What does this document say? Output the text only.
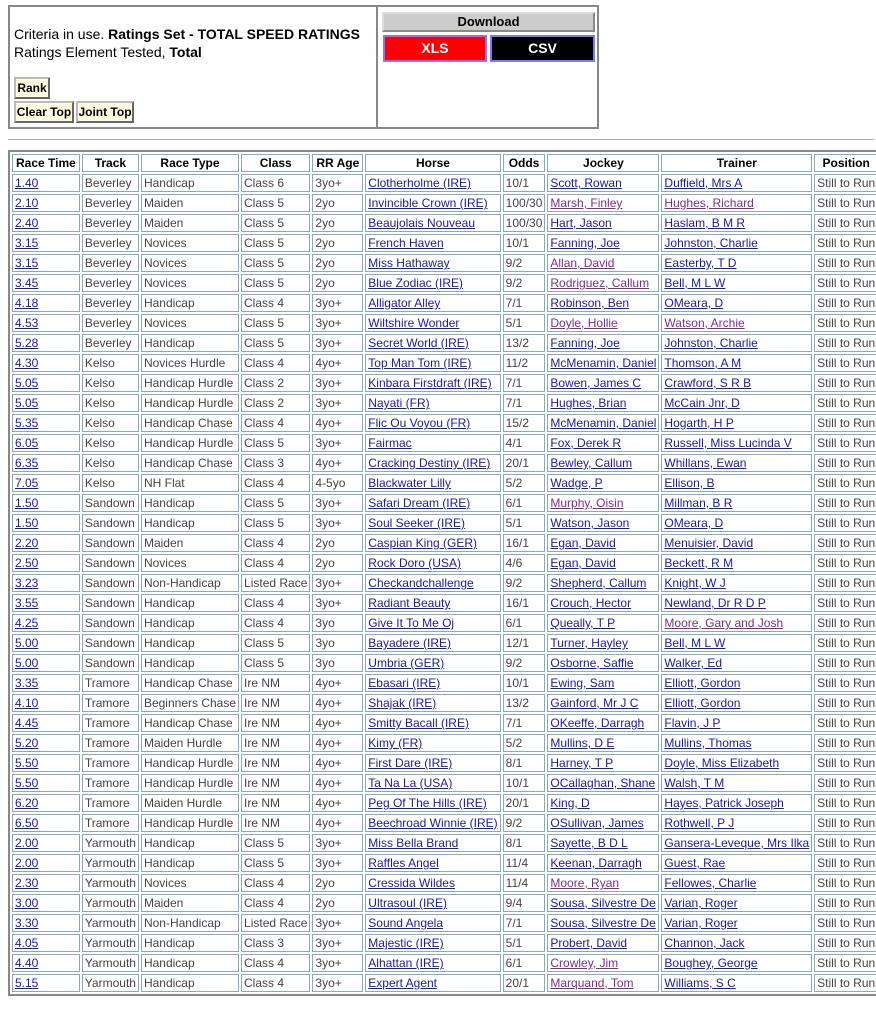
Criteria in use. Ratings Set - TOTAL SPEED RATINGS
Ratings Element Tested, Total
Rank
Clear Top Joint Top
Download
XLS	CSV
Race Time	Track	Race Type	Class	RR Age	Horse	Odds	Jockey	Trainer	Position
1.40	Beverley	Handicap	Class 6	3yo+	Clotherholme (IRE)	10/1	Scott, Rowan	Duffield, Mrs A	Still to Run
2.10	Beverley	Maiden	Class 5	2yo	Invincible Crown (IRE)	100/30	Marsh, Finley	Hughes, Richard	Still to Run
2.40	Beverley	Maiden	Class 5	2yo	Beaujolais Nouveau	100/30	Hart, Jason	Haslam, B M R	Still to Run
3.15	Beverley	Novices	Class 5	2yo	French Haven	10/1	Fanning, Joe	Johnston, Charlie	Still to Run
3.15	Beverley	Novices	Class 5	2yo	Miss Hathaway	9/2	Allan, David	Easterby, T D	Still to Run
3.45	Beverley	Novices	Class 5	2yo	Blue Zodiac (IRE)	9/2	Rodriguez, Callum	Bell, M L W	Still to Run
4.18	Beverley	Handicap	Class 4	3yo+	Alligator Alley	7/1	Robinson, Ben	OMeara, D	Still to Run
4.53	Beverley	Novices	Class 5	3yo+	Wiltshire Wonder	5/1	Doyle, Hollie	Watson, Archie	Still to Run
5.28	Beverley	Handicap	Class 5	3yo+	Secret World (IRE)	13/2	Fanning, Joe	Johnston, Charlie	Still to Run
4.30	Kelso	Novices Hurdle	Class 4	4yo+	Top Man Tom (IRE)	11/2	McMenamin, Daniel	Thomson, A M	Still to Run
5.05	Kelso	Handicap Hurdle	Class 2	3yo+	Kinbara Firstdraft (IRE)	7/1	Bowen, James C	Crawford, S R B	Still to Run
5.05	Kelso	Handicap Hurdle	Class 2	3yo+	Nayati (FR)	7/1	Hughes, Brian	McCain Jnr, D	Still to Run
5.35	Kelso	Handicap Chase	Class 4	4yo+	Flic Ou Voyou (FR)	15/2	McMenamin, Daniel	Hogarth, H P	Still to Run
6.05	Kelso	Handicap Hurdle	Class 5	3yo+	Fairmac	4/1	Fox, Derek R	Russell, Miss Lucinda V	Still to Run
6.35	Kelso	Handicap Chase	Class 3	4yo+	Cracking Destiny (IRE)	20/1	Bewley, Callum	Whillans, Ewan	Still to Run
7.05	Kelso	NH Flat	Class 4	4-5yo	Blackwater Lilly	5/2	Wadge, P	Ellison, B	Still to Run
1.50	Sandown	Handicap	Class 5	3yo+	Safari Dream (IRE)	6/1	Murphy, Oisin	Millman, B R	Still to Run
1.50	Sandown	Handicap	Class 5	3yo+	Soul Seeker (IRE)	5/1	Watson, Jason	OMeara, D	Still to Run
2.20	Sandown	Maiden	Class 4	2yo	Caspian King (GER)	16/1	Egan, David	Menuisier, David	Still to Run
2.50	Sandown	Novices	Class 4	2yo	Rock Doro (USA)	4/6	Egan, David	Beckett, R M	Still to Run
3.23	Sandown	Non-Handicap	Listed Race	3yo+	Checkandchallenge	9/2	Shepherd, Callum	Knight, W J	Still to Run
3.55	Sandown	Handicap	Class 4	3yo+	Radiant Beauty	16/1	Crouch, Hector	Newland, Dr R D P	Still to Run
4.25	Sandown	Handicap	Class 4	3yo	Give It To Me Oj	6/1	Queally, T P	Moore, Gary and Josh	Still to Run
5.00	Sandown	Handicap	Class 5	3yo	Bayadere (IRE)	12/1	Turner, Hayley	Bell, M L W	Still to Run
5.00	Sandown	Handicap	Class 5	3yo	Umbria (GER)	9/2	Osborne, Saffie	Walker, Ed	Still to Run
3.35	Tramore	Handicap Chase	Ire NM	4yo+	Ebasari (IRE)	10/1	Ewing, Sam	Elliott, Gordon	Still to Run
4.10	Tramore	Beginners Chase	Ire NM	4yo+	Shajak (IRE)	13/2	Gainford, Mr J C	Elliott, Gordon	Still to Run
4.45	Tramore	Handicap Chase	Ire NM	4yo+	Smitty Bacall (IRE)	7/1	OKeeffe, Darragh	Flavin, J P	Still to Run
5.20	Tramore	Maiden Hurdle	Ire NM	4yo+	Kimy (FR)	5/2	Mullins, D E	Mullins, Thomas	Still to Run
5.50	Tramore	Handicap Hurdle	Ire NM	4yo+	First Dare (IRE)	8/1	Harney, T P	Doyle, Miss Elizabeth	Still to Run
5.50	Tramore	Handicap Hurdle	Ire NM	4yo+	Ta Na La (USA)	10/1	OCallaghan, Shane	Walsh, T M	Still to Run
6.20	Tramore	Maiden Hurdle	Ire NM	4yo+	Peg Of The Hills (IRE)	20/1	King, D	Hayes, Patrick Joseph	Still to Run
6.50	Tramore	Handicap Hurdle	Ire NM	4yo+	Beechroad Winnie (IRE)	9/2	OSullivan, James	Rothwell, P J	Still to Run
2.00	Yarmouth	Handicap	Class 5	3yo+	Miss Bella Brand	8/1	Sayette, B D L	Gansera-Leveque, Mrs Ilka	Still to Run
2.00	Yarmouth	Handicap	Class 5	3yo+	Raffles Angel	11/4	Keenan, Darragh	Guest, Rae	Still to Run
2.30	Yarmouth	Novices	Class 4	2yo	Cressida Wildes	11/4	Moore, Ryan	Fellowes, Charlie	Still to Run
3.00	Yarmouth	Maiden	Class 4	2yo	Ultrasoul (IRE)	9/4	Sousa, Silvestre De	Varian, Roger	Still to Run
3.30	Yarmouth	Non-Handicap	Listed Race	3yo+	Sound Angela	7/1	Sousa, Silvestre De	Varian, Roger	Still to Run
4.05	Yarmouth	Handicap	Class 3	3yo+	Majestic (IRE)	5/1	Probert, David	Channon, Jack	Still to Run
4.40	Yarmouth	Handicap	Class 4	3yo+	Alhattan (IRE)	6/1	Crowley, Jim	Boughey, George	Still to Run
5.15	Yarmouth	Handicap	Class 4	3yo+	Expert Agent	20/1	Marquand, Tom	Williams, S C	Still to Run
